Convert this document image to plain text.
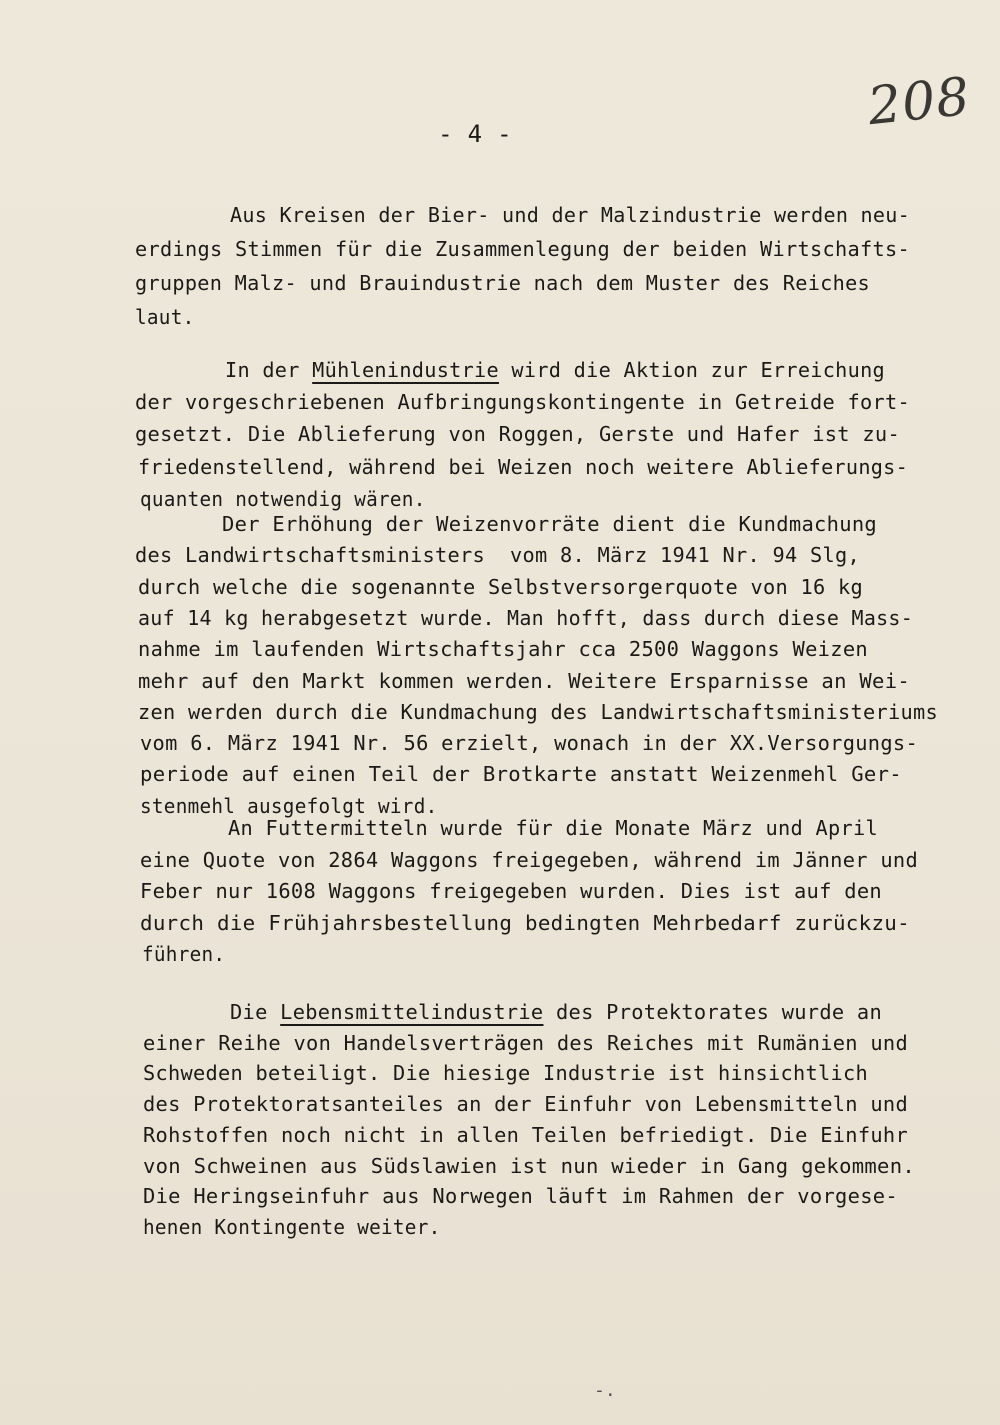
- 4 -	208
Aus Kreisen der Bier- und der Malzindustrie werden neu-
erdings Stimmen für die Zusammenlegung der beiden Wirtschafts-
gruppen Malz- und Brauindustrie nach dem Muster des Reiches
laut.
In der Mühlenindustrie wird die Aktion zur Erreichung
der vorgeschriebenen Aufbringungskontingente in Getreide fort-
gesetzt. Die Ablieferung von Roggen, Gerste und Hafer ist zu-
friedenstellend, während bei Weizen noch weitere Ablieferungs-
quanten notwendig wären.
Der Erhöhung der Weizenvorräte dient die Kundmachung
des Landwirtschaftsministers  vom 8. März 1941 Nr. 94 Slg,
durch welche die sogenannte Selbstversorgerquote von 16 kg
auf 14 kg herabgesetzt wurde. Man hofft, dass durch diese Mass-
nahme im laufenden Wirtschaftsjahr cca 2500 Waggons Weizen
mehr auf den Markt kommen werden. Weitere Ersparnisse an Wei-
zen werden durch die Kundmachung des Landwirtschaftsministeriums
vom 6. März 1941 Nr. 56 erzielt, wonach in der XX.Versorgungs-
periode auf einen Teil der Brotkarte anstatt Weizenmehl Ger-
stenmehl ausgefolgt wird.
An Futtermitteln wurde für die Monate März und April
eine Quote von 2864 Waggons freigegeben, während im Jänner und
Feber nur 1608 Waggons freigegeben wurden. Dies ist auf den
durch die Frühjahrsbestellung bedingten Mehrbedarf zurückzu-
führen.
Die Lebensmittelindustrie des Protektorates wurde an
einer Reihe von Handelsverträgen des Reiches mit Rumänien und
Schweden beteiligt. Die hiesige Industrie ist hinsichtlich
des Protektoratsanteiles an der Einfuhr von Lebensmitteln und
Rohstoffen noch nicht in allen Teilen befriedigt. Die Einfuhr
von Schweinen aus Südslawien ist nun wieder in Gang gekommen.
Die Heringseinfuhr aus Norwegen läuft im Rahmen der vorgese-
henen Kontingente weiter.
-.
